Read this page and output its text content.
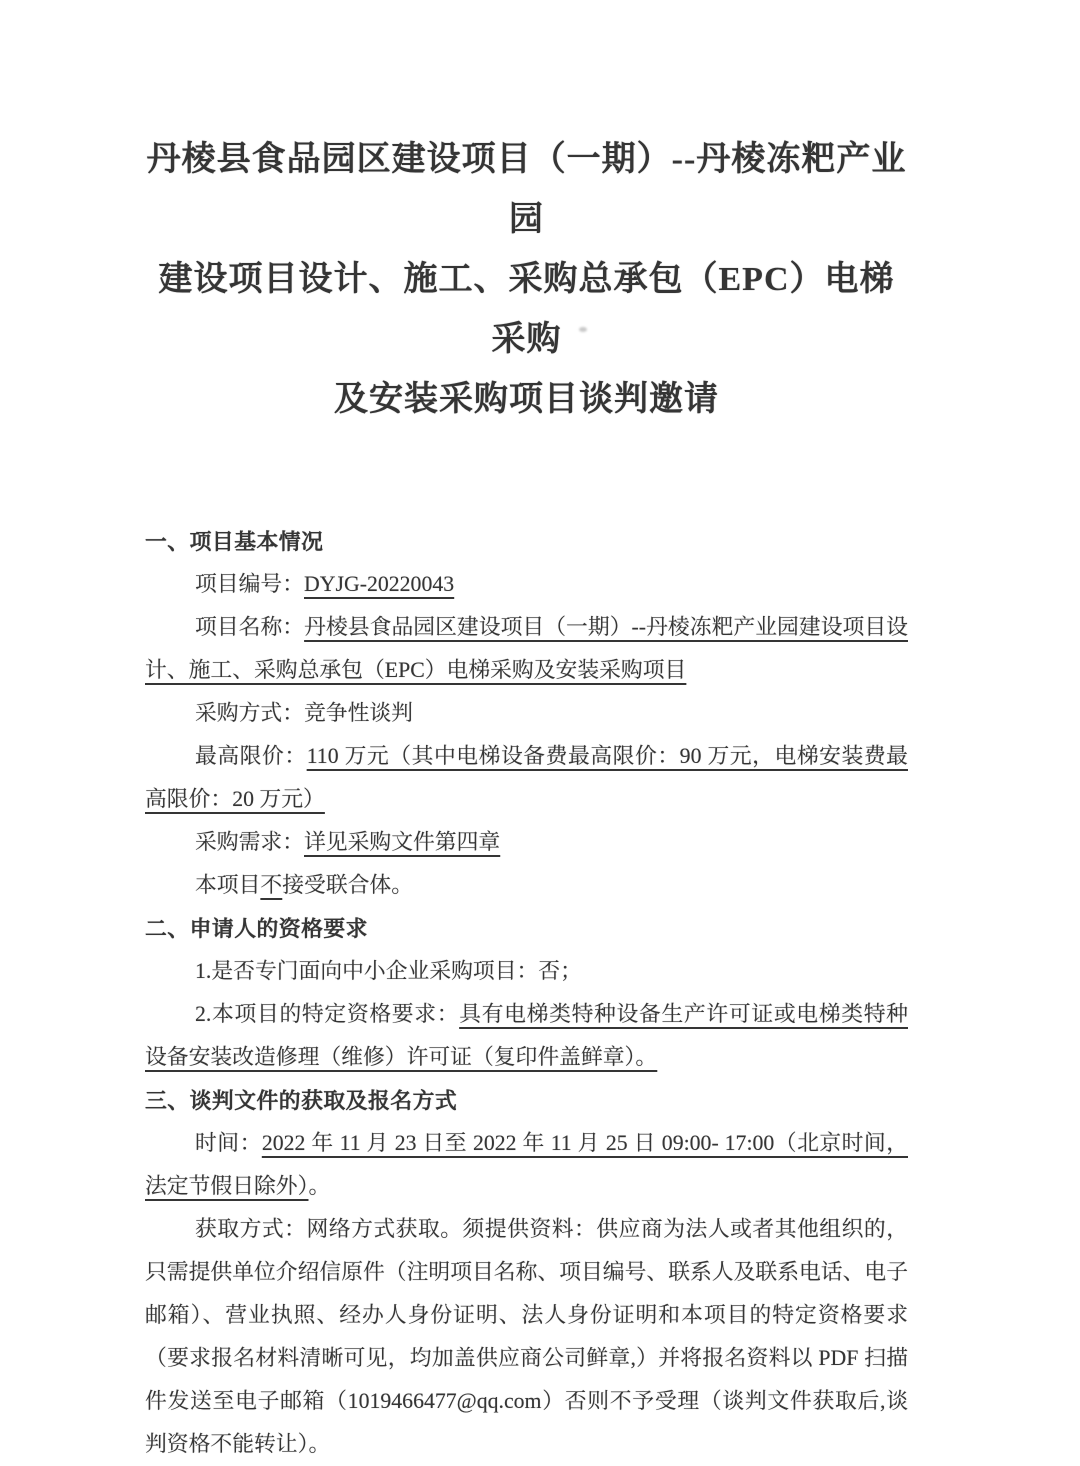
丹棱县食品园区建设项目（一期）--丹棱冻粑产业园
建设项目设计、施工、采购总承包（EPC）电梯采购
及安装采购项目谈判邀请
一、项目基本情况
项目编号：DYJG-20220043
项目名称：丹棱县食品园区建设项目（一期）--丹棱冻粑产业园建设项目设计、施工、采购总承包（EPC）电梯采购及安装采购项目
采购方式：竞争性谈判
最高限价：110 万元（其中电梯设备费最高限价：90 万元，电梯安装费最高限价：20 万元）
采购需求：详见采购文件第四章
本项目不接受联合体。
二、申请人的资格要求
1.是否专门面向中小企业采购项目：否；
2.本项目的特定资格要求：具有电梯类特种设备生产许可证或电梯类特种设备安装改造修理（维修）许可证（复印件盖鲜章）。
三、谈判文件的获取及报名方式
时间：2022 年 11 月 23 日至 2022 年 11 月 25 日 09:00- 17:00（北京时间，法定节假日除外）。
获取方式：网络方式获取。须提供资料：供应商为法人或者其他组织的，只需提供单位介绍信原件（注明项目名称、项目编号、联系人及联系电话、电子邮箱）、营业执照、经办人身份证明、法人身份证明和本项目的特定资格要求（要求报名材料清晰可见，均加盖供应商公司鲜章,）并将报名资料以 PDF 扫描件发送至电子邮箱（1019466477@qq.com）否则不予受理（谈判文件获取后,谈判资格不能转让）。
